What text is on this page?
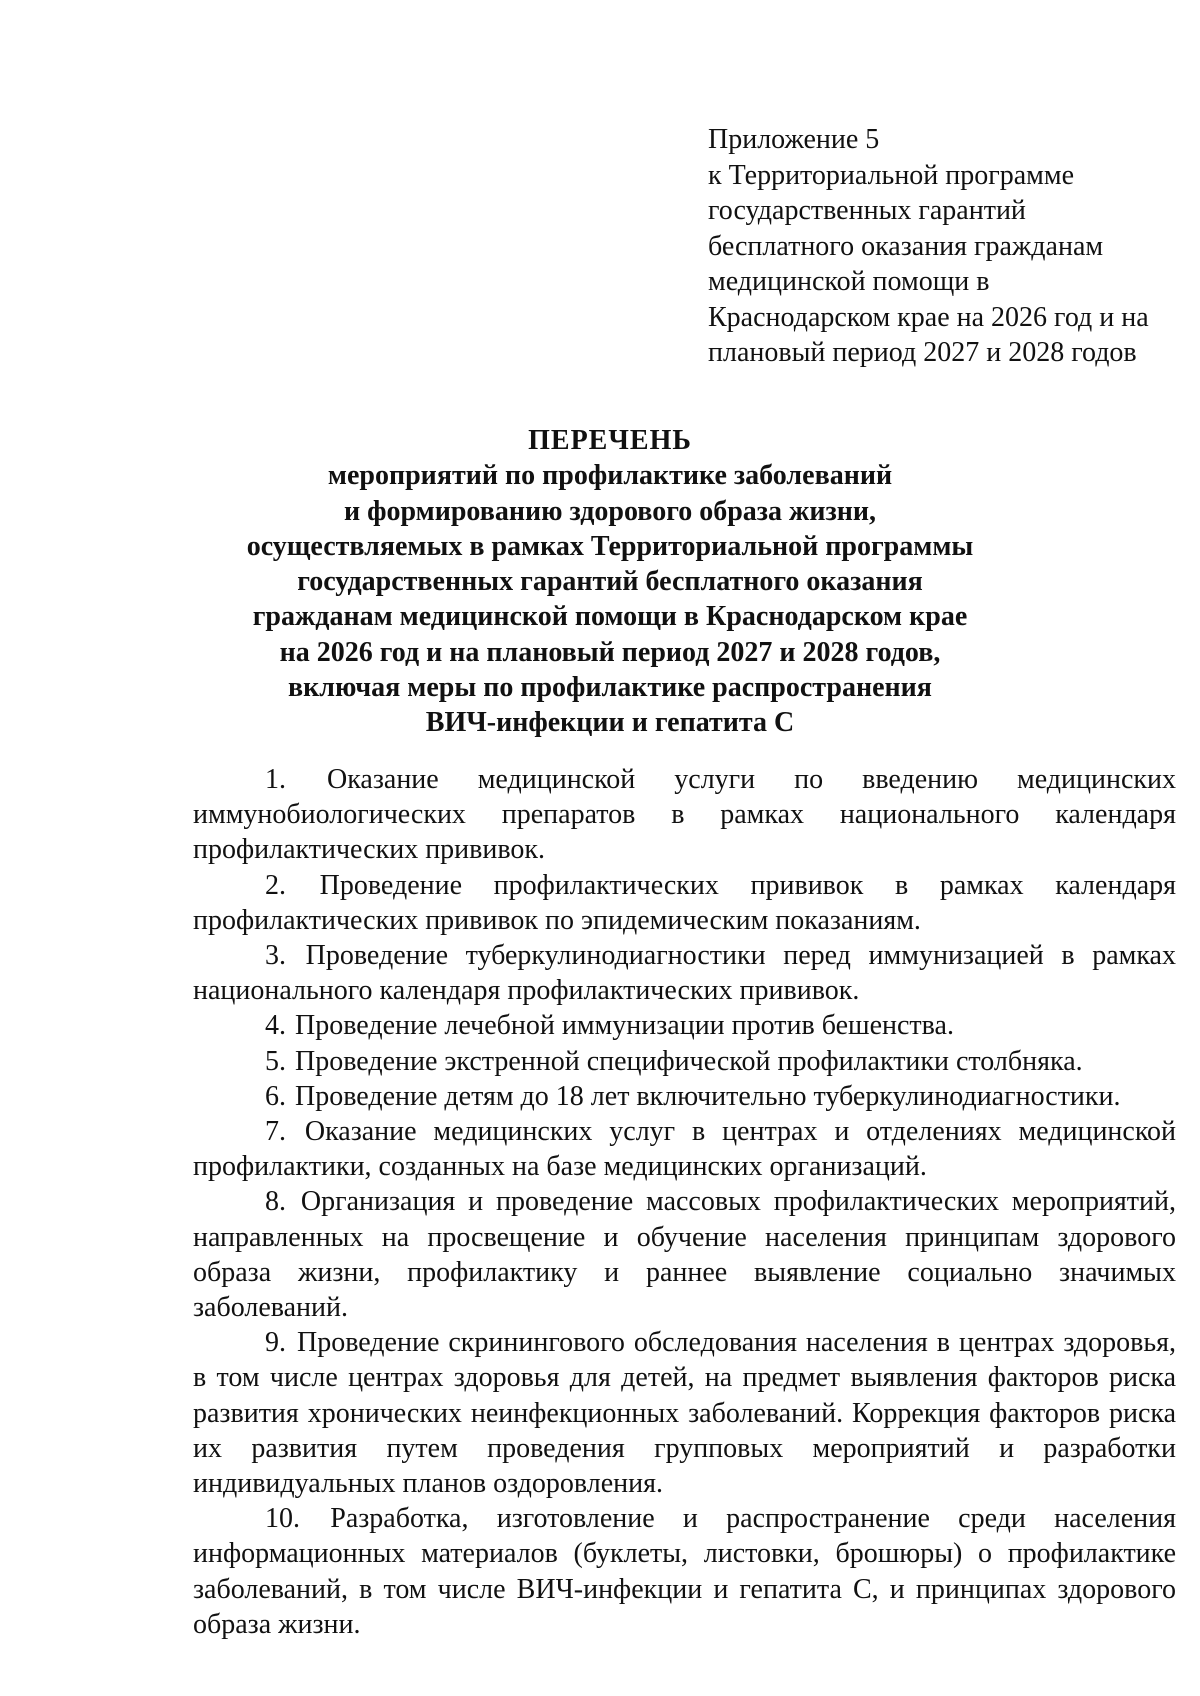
Приложение 5
к Территориальной программе
государственных гарантий
бесплатного оказания гражданам
медицинской помощи в
Краснодарском крае на 2026 год и на
плановый период 2027 и 2028 годов
ПЕРЕЧЕНЬ
мероприятий по профилактике заболеваний
и формированию здорового образа жизни,
осуществляемых в рамках Территориальной программы
государственных гарантий бесплатного оказания
гражданам медицинской помощи в Краснодарском крае
на 2026 год и на плановый период 2027 и 2028 годов,
включая меры по профилактике распространения
ВИЧ-инфекции и гепатита С

1. Оказание медицинской услуги по введению медицинских иммунобиологических препаратов в рамках национального календаря профилактических прививок.

2. Проведение профилактических прививок в рамках календаря профилактических прививок по эпидемическим показаниям.

3. Проведение туберкулинодиагностики перед иммунизацией в рамках национального календаря профилактических прививок.

4. Проведение лечебной иммунизации против бешенства.

5. Проведение экстренной специфической профилактики столбняка.

6. Проведение детям до 18 лет включительно туберкулинодиагностики.

7. Оказание медицинских услуг в центрах и отделениях медицинской профилактики, созданных на базе медицинских организаций.

8. Организация и проведение массовых профилактических мероприятий, направленных на просвещение и обучение населения принципам здорового образа жизни, профилактику и раннее выявление социально значимых заболеваний.

9. Проведение скринингового обследования населения в центрах здоровья, в том числе центрах здоровья для детей, на предмет выявления факторов риска развития хронических неинфекционных заболеваний. Коррекция факторов риска их развития путем проведения групповых мероприятий и разработки индивидуальных планов оздоровления.

10. Разработка, изготовление и распространение среди населения информационных материалов (буклеты, листовки, брошюры) о профилактике заболеваний, в том числе ВИЧ-инфекции и гепатита С, и принципах здорового образа жизни.
